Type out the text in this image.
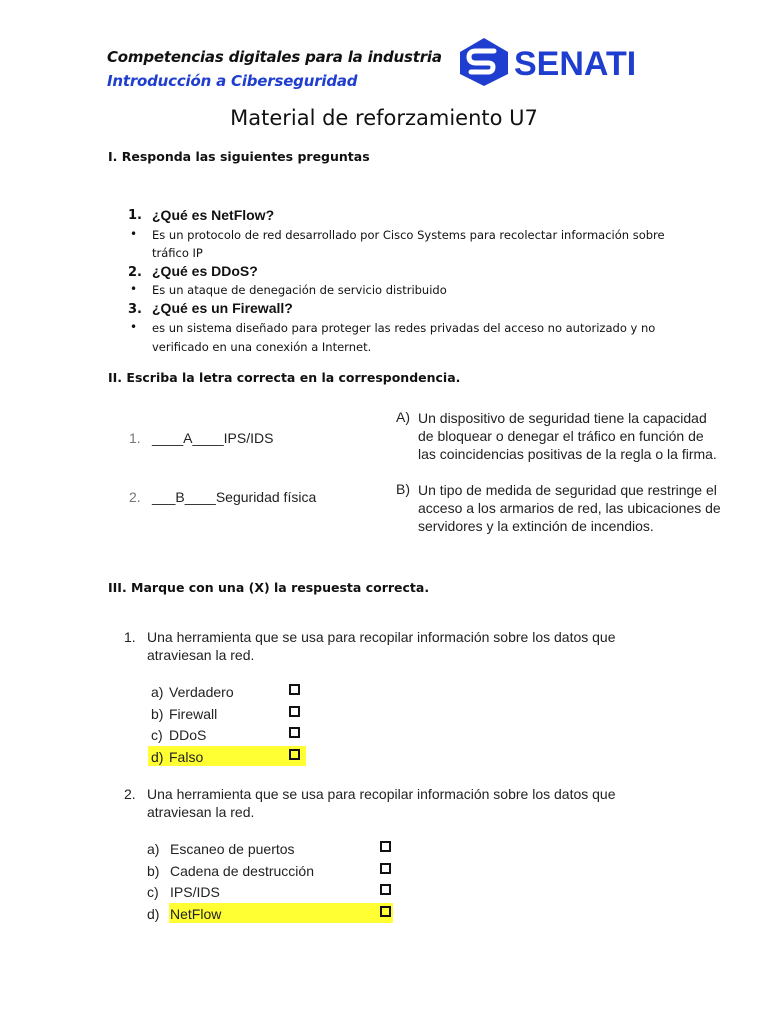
Competencias digitales para la industria
Introducción a Ciberseguridad	SENATI
Material de reforzamiento U7
I. Responda las siguientes preguntas
1. ¿Qué es NetFlow?
• Es un protocolo de red desarrollado por Cisco Systems para recolectar información sobre
tráfico IP
2. ¿Qué es DDoS?
• Es un ataque de denegación de servicio distribuido
3. ¿Qué es un Firewall?
• es un sistema diseñado para proteger las redes privadas del acceso no autorizado y no
verificado en una conexión a Internet.
II. Escriba la letra correcta en la correspondencia.
1. ____A____IPS/IDS
2. ___B____Seguridad física
A) Un dispositivo de seguridad tiene la capacidad
de bloquear o denegar el tráfico en función de
las coincidencias positivas de la regla o la firma.
B) Un tipo de medida de seguridad que restringe el
acceso a los armarios de red, las ubicaciones de
servidores y la extinción de incendios.
III. Marque con una (X) la respuesta correcta.
1. Una herramienta que se usa para recopilar información sobre los datos que
atraviesan la red.
a) Verdadero
b) Firewall
c) DDoS
d) Falso
2. Una herramienta que se usa para recopilar información sobre los datos que
atraviesan la red.
a) Escaneo de puertos
b) Cadena de destrucción
c) IPS/IDS
d) NetFlow
